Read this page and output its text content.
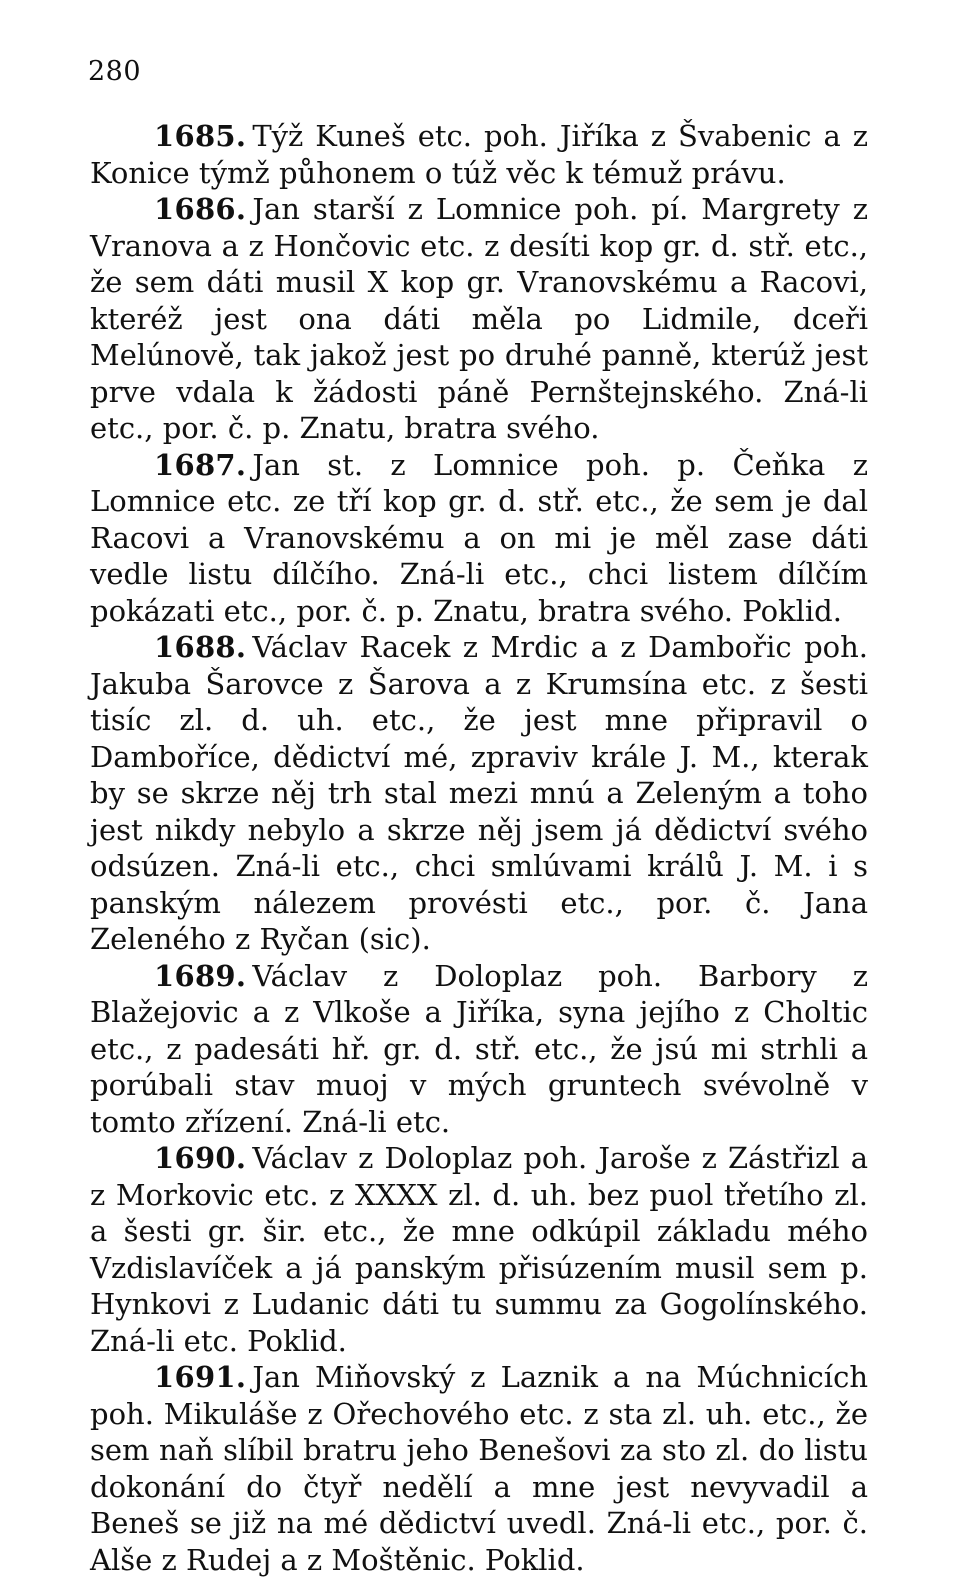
280

1685. Týž Kuneš etc. poh. Jiříka z Švabenic a z Konice týmž půhonem o túž věc k témuž právu.

1686. Jan starší z Lomnice poh. pí. Margrety z Vranova a z Hončovic etc. z desíti kop gr. d. stř. etc., že sem dáti musil X kop gr. Vranovskému a Racovi, kteréž jest ona dáti měla po Lidmile, dceři Melúnově, tak jakož jest po druhé panně, kterúž jest prve vdala k žádosti páně Pernštejnského. Zná-li etc., por. č. p. Znatu, bratra svého.

1687. Jan st. z Lomnice poh. p. Čeňka z Lomnice etc. ze tří kop gr. d. stř. etc., že sem je dal Racovi a Vranovskému a on mi je měl zase dáti vedle listu dílčího. Zná-li etc., chci listem dílčím pokázati etc., por. č. p. Znatu, bratra svého. Poklid.

1688. Václav Racek z Mrdic a z Dambořic poh. Jakuba Šarovce z Šarova a z Krumsína etc. z šesti tisíc zl. d. uh. etc., že jest mne připravil o Damboříce, dědictví mé, zpraviv krále J. M., kterak by se skrze něj trh stal mezi mnú a Zeleným a toho jest nikdy nebylo a skrze něj jsem já dědictví svého odsúzen. Zná-li etc., chci smlúvami králů J. M. i s panským nálezem provésti etc., por. č. Jana Zeleného z Ryčan (sic).

1689. Václav z Doloplaz poh. Barbory z Blažejovic a z Vlkoše a Jiříka, syna jejího z Choltic etc., z padesáti hř. gr. d. stř. etc., že jsú mi strhli a porúbali stav muoj v mých gruntech svévolně v tomto zřízení. Zná-li etc.

1690. Václav z Doloplaz poh. Jaroše z Zástřizl a z Morkovic etc. z XXXX zl. d. uh. bez puol třetího zl. a šesti gr. šir. etc., že mne odkúpil základu mého Vzdislavíček a já panským přisúzením musil sem p. Hynkovi z Ludanic dáti tu summu za Gogolínského. Zná-li etc. Poklid.

1691. Jan Miňovský z Laznik a na Múchnicích poh. Mikuláše z Ořechového etc. z sta zl. uh. etc., že sem naň slíbil bratru jeho Benešovi za sto zl. do listu dokonání do čtyř nedělí a mne jest nevyvadil a Beneš se již na mé dědictví uvedl. Zná-li etc., por. č. Alše z Rudej a z Moštěnic. Poklid.
